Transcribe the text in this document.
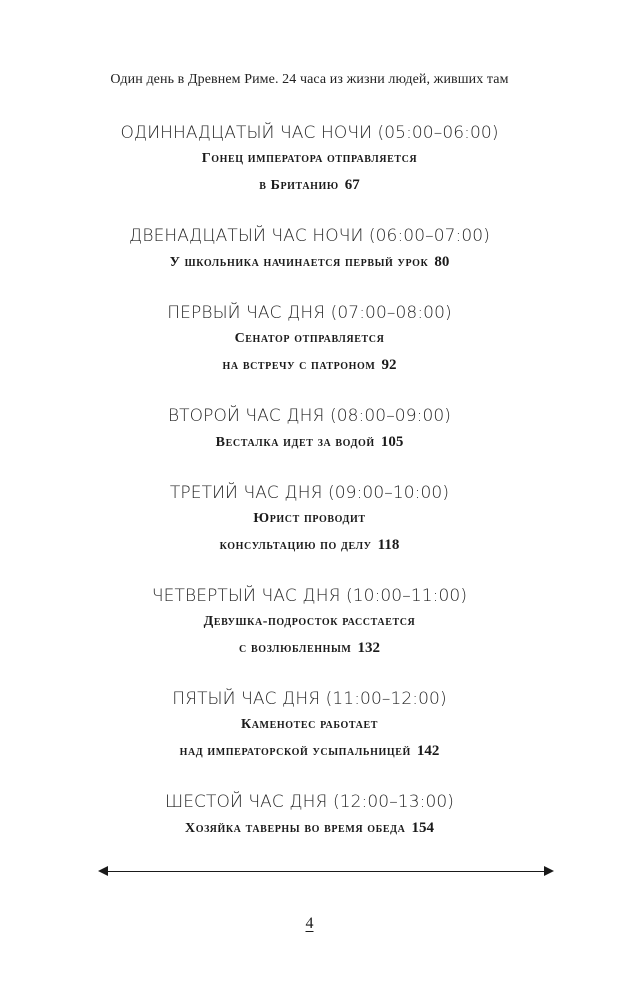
Один день в Древнем Риме. 24 часа из жизни людей, живших там
ОДИННАДЦАТЫЙ ЧАС НОЧИ (05:00–06:00)
Гонец императора отправляется
в Британию 67
ДВЕНАДЦАТЫЙ ЧАС НОЧИ (06:00–07:00)
У школьника начинается первый урок 80
ПЕРВЫЙ ЧАС ДНЯ (07:00–08:00)
Сенатор отправляется
на встречу с патроном 92
ВТОРОЙ ЧАС ДНЯ (08:00–09:00)
Весталка идет за водой 105
ТРЕТИЙ ЧАС ДНЯ (09:00–10:00)
Юрист проводит
консультацию по делу 118
ЧЕТВЕРТЫЙ ЧАС ДНЯ (10:00–11:00)
Девушка-подросток расстается
с возлюбленным 132
ПЯТЫЙ ЧАС ДНЯ (11:00–12:00)
Каменотес работает
над императорской усыпальницей 142
ШЕСТОЙ ЧАС ДНЯ (12:00–13:00)
Хозяйка таверны во время обеда 154
4
